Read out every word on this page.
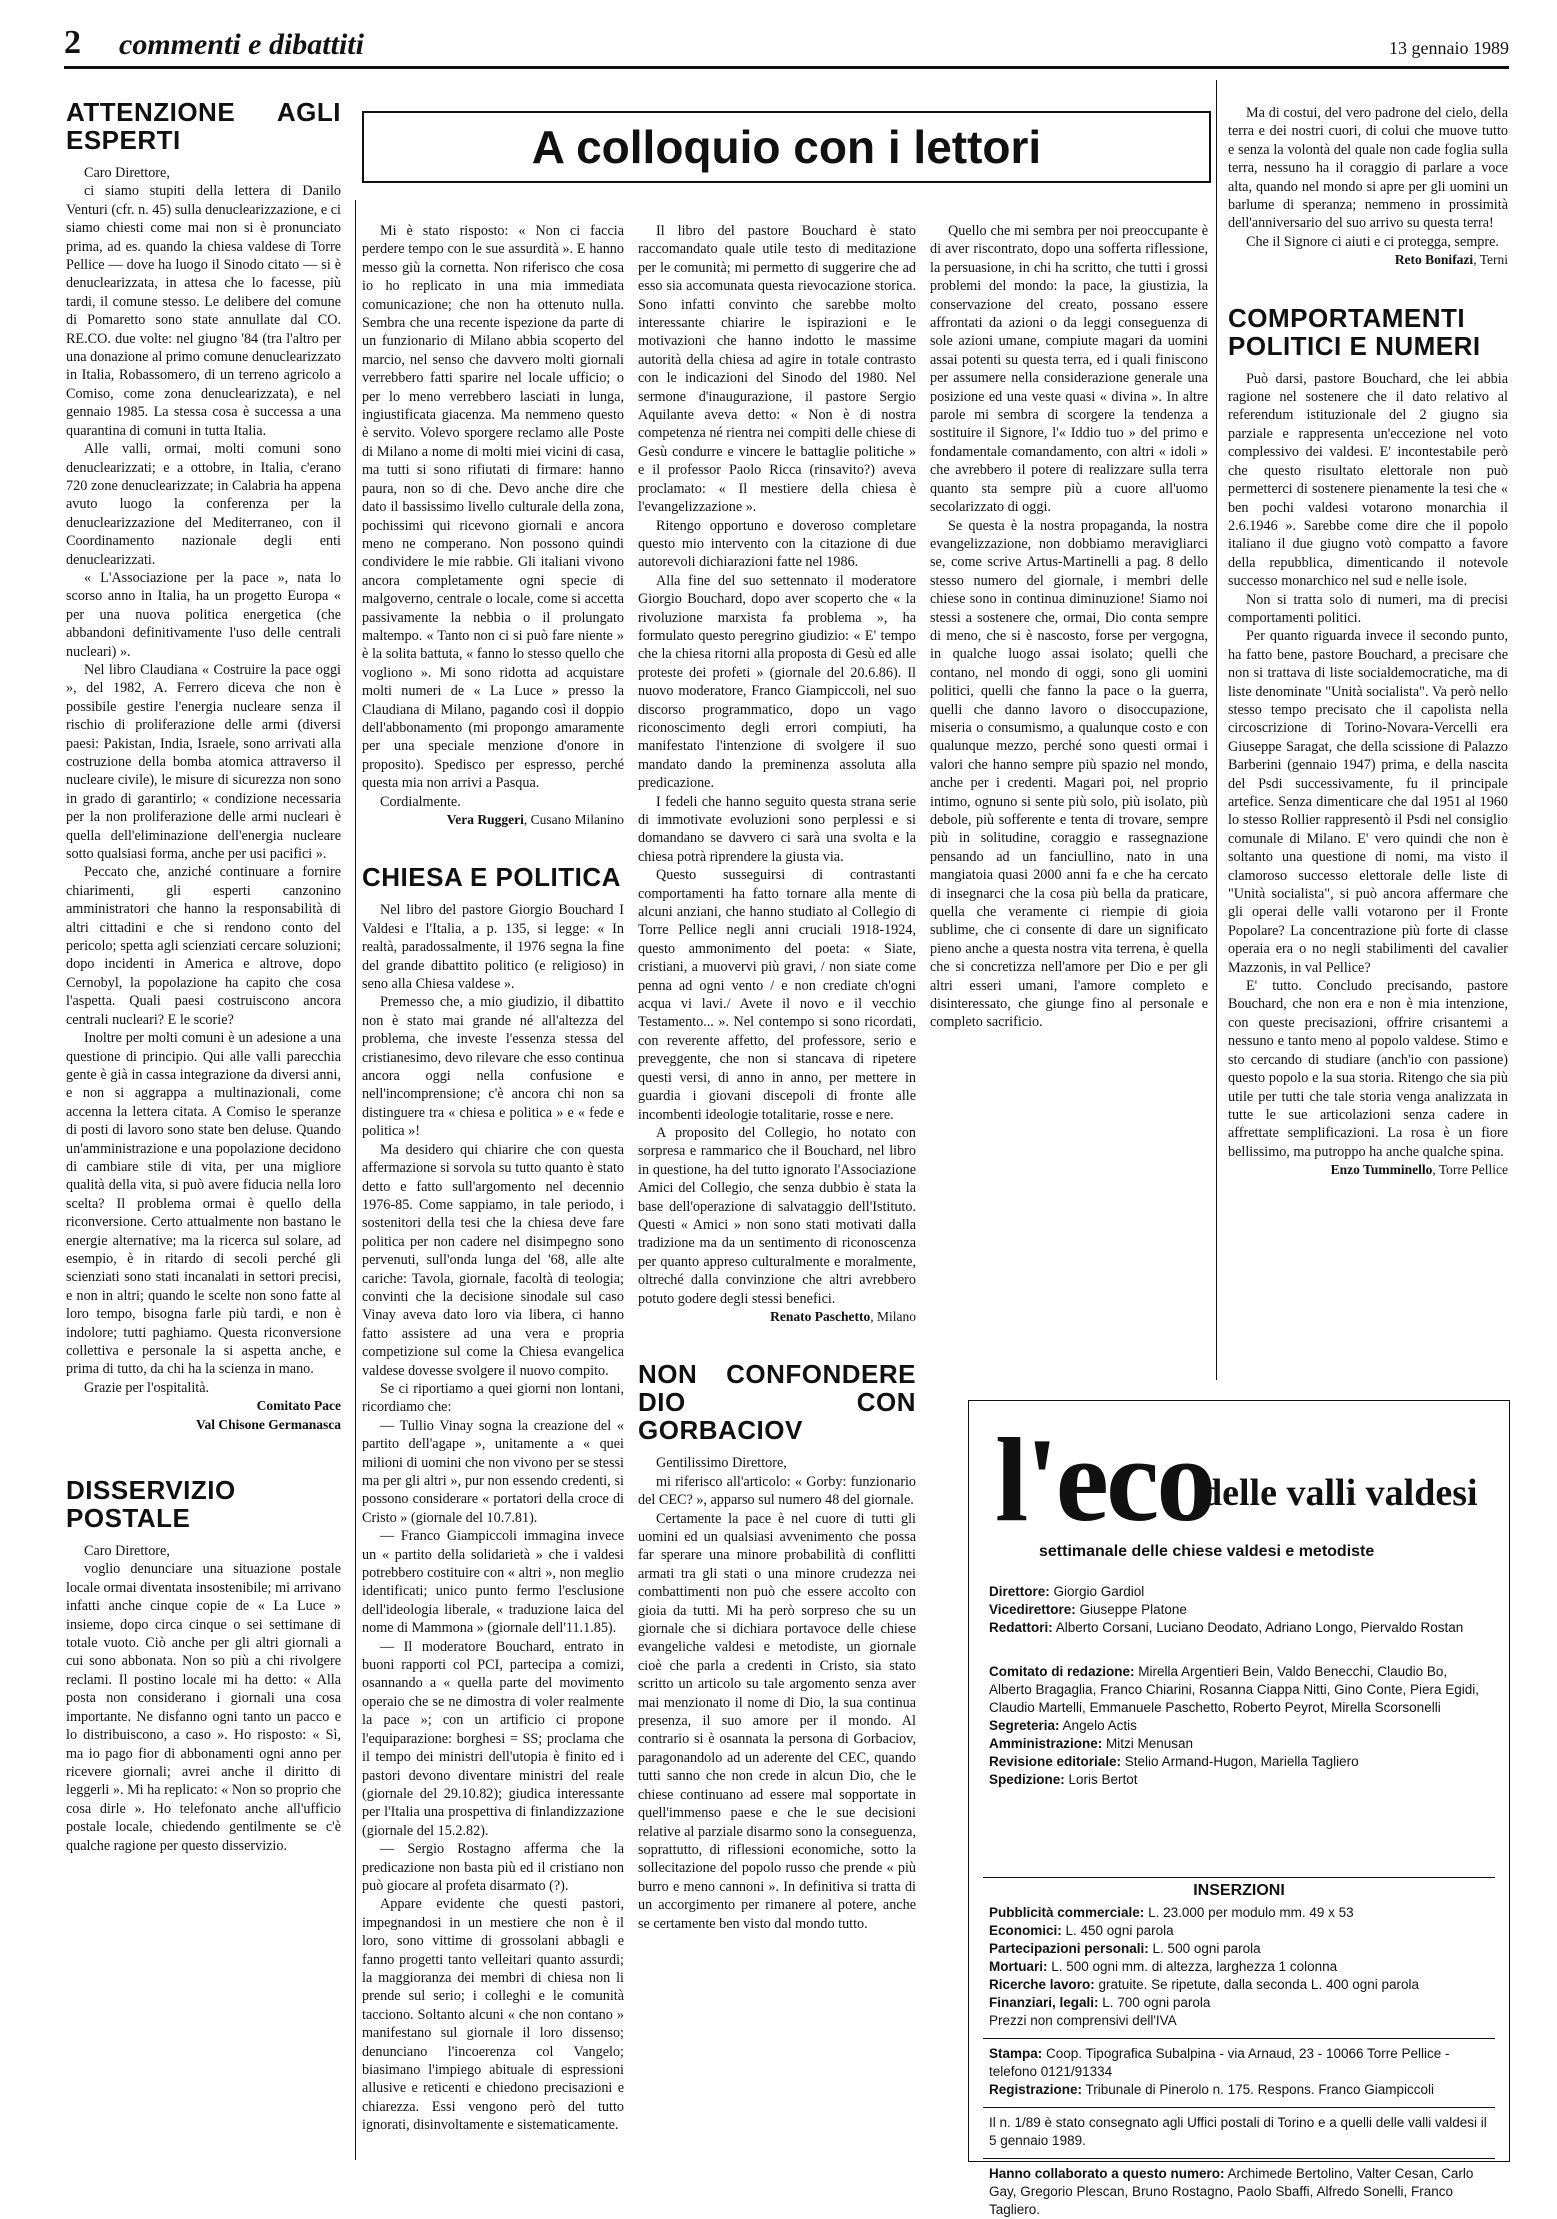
2 commenti e dibattiti	13 gennaio 1989
A colloquio con i lettori
ATTENZIONE AGLI ESPERTI

Caro Direttore,

ci siamo stupiti della lettera di Danilo Venturi (cfr. n. 45) sulla denuclearizzazione, e ci siamo chiesti come mai non si è pronunciato prima, ad es. quando la chiesa valdese di Torre Pellice — dove ha luogo il Sinodo citato — si è denuclearizzata, in attesa che lo facesse, più tardi, il comune stesso. Le delibere del comune di Pomaretto sono state annullate dal CO. RE.CO. due volte: nel giugno '84 (tra l'altro per una donazione al primo comune denuclearizzato in Italia, Robassomero, di un terreno agricolo a Comiso, come zona denuclearizzata), e nel gennaio 1985. La stessa cosa è successa a una quarantina di comuni in tutta Italia.

Alle valli, ormai, molti comuni sono denuclearizzati; e a ottobre, in Italia, c'erano 720 zone denuclearizzate; in Calabria ha appena avuto luogo la conferenza per la denuclearizzazione del Mediterraneo, con il Coordinamento nazionale degli enti denuclearizzati.

« L'Associazione per la pace », nata lo scorso anno in Italia, ha un progetto Europa « per una nuova politica energetica (che abbandoni definitivamente l'uso delle centrali nucleari) ».

Nel libro Claudiana « Costruire la pace oggi », del 1982, A. Ferrero diceva che non è possibile gestire l'energia nucleare senza il rischio di proliferazione delle armi (diversi paesi: Pakistan, India, Israele, sono arrivati alla costruzione della bomba atomica attraverso il nucleare civile), le misure di sicurezza non sono in grado di garantirlo; « condizione necessaria per la non proliferazione delle armi nucleari è quella dell'eliminazione dell'energia nucleare sotto qualsiasi forma, anche per usi pacifici ».

Peccato che, anziché continuare a fornire chiarimenti, gli esperti canzonino amministratori che hanno la responsabilità di altri cittadini e che si rendono conto del pericolo; spetta agli scienziati cercare soluzioni; dopo incidenti in America e altrove, dopo Cernobyl, la popolazione ha capito che cosa l'aspetta. Quali paesi costruiscono ancora centrali nucleari? E le scorie?

Inoltre per molti comuni è un adesione a una questione di principio. Qui alle valli parecchia gente è già in cassa integrazione da diversi anni, e non si aggrappa a multinazionali, come accenna la lettera citata. A Comiso le speranze di posti di lavoro sono state ben deluse. Quando un'amministrazione e una popolazione decidono di cambiare stile di vita, per una migliore qualità della vita, si può avere fiducia nella loro scelta? Il problema ormai è quello della riconversione. Certo attualmente non bastano le energie alternative; ma la ricerca sul solare, ad esempio, è in ritardo di secoli perché gli scienziati sono stati incanalati in settori precisi, e non in altri; quando le scelte non sono fatte al loro tempo, bisogna farle più tardi, e non è indolore; tutti paghiamo. Questa riconversione collettiva e personale la si aspetta anche, e prima di tutto, da chi ha la scienza in mano.

Grazie per l'ospitalità.

Comitato Pace

Val Chisone Germanasca

DISSERVIZIO POSTALE

Caro Direttore,

voglio denunciare una situazione postale locale ormai diventata insostenibile; mi arrivano infatti anche cinque copie de « La Luce » insieme, dopo circa cinque o sei settimane di totale vuoto. Ciò anche per gli altri giornali a cui sono abbonata. Non so più a chi rivolgere reclami. Il postino locale mi ha detto: « Alla posta non considerano i giornali una cosa importante. Ne disfanno ogni tanto un pacco e lo distribuiscono, a caso ». Ho risposto: « Sì, ma io pago fior di abbonamenti ogni anno per ricevere giornali; avrei anche il diritto di leggerli ». Mi ha replicato: « Non so proprio che cosa dirle ». Ho telefonato anche all'ufficio postale locale, chiedendo gentilmente se c'è qualche ragione per questo disservizio.

Mi è stato risposto: « Non ci faccia perdere tempo con le sue assurdità ». E hanno messo giù la cornetta. Non riferisco che cosa io ho replicato in una mia immediata comunicazione; che non ha ottenuto nulla. Sembra che una recente ispezione da parte di un funzionario di Milano abbia scoperto del marcio, nel senso che davvero molti giornali verrebbero fatti sparire nel locale ufficio; o per lo meno verrebbero lasciati in lunga, ingiustificata giacenza. Ma nemmeno questo è servito. Volevo sporgere reclamo alle Poste di Milano a nome di molti miei vicini di casa, ma tutti si sono rifiutati di firmare: hanno paura, non so di che. Devo anche dire che dato il bassissimo livello culturale della zona, pochissimi qui ricevono giornali e ancora meno ne comperano. Non possono quindi condividere le mie rabbie. Gli italiani vivono ancora completamente ogni specie di malgoverno, centrale o locale, come si accetta passivamente la nebbia o il prolungato maltempo. « Tanto non ci si può fare niente » è la solita battuta, « fanno lo stesso quello che vogliono ». Mi sono ridotta ad acquistare molti numeri de « La Luce » presso la Claudiana di Milano, pagando così il doppio dell'abbonamento (mi propongo amaramente per una speciale menzione d'onore in proposito). Spedisco per espresso, perché questa mia non arrivi a Pasqua.

Cordialmente.

Vera Ruggeri, Cusano Milanino

CHIESA E POLITICA

Nel libro del pastore Giorgio Bouchard I Valdesi e l'Italia, a p. 135, si legge: « In realtà, paradossalmente, il 1976 segna la fine del grande dibattito politico (e religioso) in seno alla Chiesa valdese ».

Premesso che, a mio giudizio, il dibattito non è stato mai grande né all'altezza del problema, che investe l'essenza stessa del cristianesimo, devo rilevare che esso continua ancora oggi nella confusione e nell'incomprensione; c'è ancora chi non sa distinguere tra « chiesa e politica » e « fede e politica »!

Ma desidero qui chiarire che con questa affermazione si sorvola su tutto quanto è stato detto e fatto sull'argomento nel decennio 1976-85. Come sappiamo, in tale periodo, i sostenitori della tesi che la chiesa deve fare politica per non cadere nel disimpegno sono pervenuti, sull'onda lunga del '68, alle alte cariche: Tavola, giornale, facoltà di teologia; convinti che la decisione sinodale sul caso Vinay aveva dato loro via libera, ci hanno fatto assistere ad una vera e propria competizione sul come la Chiesa evangelica valdese dovesse svolgere il nuovo compito.

Se ci riportiamo a quei giorni non lontani, ricordiamo che:

— Tullio Vinay sogna la creazione del « partito dell'agape », unitamente a « quei milioni di uomini che non vivono per se stessi ma per gli altri », pur non essendo credenti, si possono considerare « portatori della croce di Cristo » (giornale del 10.7.81).

— Franco Giampiccoli immagina invece un « partito della solidarietà » che i valdesi potrebbero costituire con « altri », non meglio identificati; unico punto fermo l'esclusione dell'ideologia liberale, « traduzione laica del nome di Mammona » (giornale dell'11.1.85).

— Il moderatore Bouchard, entrato in buoni rapporti col PCI, partecipa a comizi, osannando a « quella parte del movimento operaio che se ne dimostra di voler realmente la pace »; con un artificio ci propone l'equiparazione: borghesi = SS; proclama che il tempo dei ministri dell'utopia è finito ed i pastori devono diventare ministri del reale (giornale del 29.10.82); giudica interessante per l'Italia una prospettiva di finlandizzazione (giornale del 15.2.82).

— Sergio Rostagno afferma che la predicazione non basta più ed il cristiano non può giocare al profeta disarmato (?).

Appare evidente che questi pastori, impegnandosi in un mestiere che non è il loro, sono vittime di grossolani abbagli e fanno progetti tanto velleitari quanto assurdi; la maggioranza dei membri di chiesa non li prende sul serio; i colleghi e le comunità tacciono. Soltanto alcuni « che non contano » manifestano sul giornale il loro dissenso; denunciano l'incoerenza col Vangelo; biasimano l'impiego abituale di espressioni allusive e reticenti e chiedono precisazioni e chiarezza. Essi vengono però del tutto ignorati, disinvoltamente e sistematicamente.

Il libro del pastore Bouchard è stato raccomandato quale utile testo di meditazione per le comunità; mi permetto di suggerire che ad esso sia accomunata questa rievocazione storica. Sono infatti convinto che sarebbe molto interessante chiarire le ispirazioni e le motivazioni che hanno indotto le massime autorità della chiesa ad agire in totale contrasto con le indicazioni del Sinodo del 1980. Nel sermone d'inaugurazione, il pastore Sergio Aquilante aveva detto: « Non è di nostra competenza né rientra nei compiti delle chiese di Gesù condurre e vincere le battaglie politiche » e il professor Paolo Ricca (rinsavito?) aveva proclamato: « Il mestiere della chiesa è l'evangelizzazione ».

Ritengo opportuno e doveroso completare questo mio intervento con la citazione di due autorevoli dichiarazioni fatte nel 1986.

Alla fine del suo settennato il moderatore Giorgio Bouchard, dopo aver scoperto che « la rivoluzione marxista fa problema », ha formulato questo peregrino giudizio: « E' tempo che la chiesa ritorni alla proposta di Gesù ed alle proteste dei profeti » (giornale del 20.6.86). Il nuovo moderatore, Franco Giampiccoli, nel suo discorso programmatico, dopo un vago riconoscimento degli errori compiuti, ha manifestato l'intenzione di svolgere il suo mandato dando la preminenza assoluta alla predicazione.

I fedeli che hanno seguito questa strana serie di immotivate evoluzioni sono perplessi e si domandano se davvero ci sarà una svolta e la chiesa potrà riprendere la giusta via.

Questo susseguirsi di contrastanti comportamenti ha fatto tornare alla mente di alcuni anziani, che hanno studiato al Collegio di Torre Pellice negli anni cruciali 1918-1924, questo ammonimento del poeta: « Siate, cristiani, a muovervi più gravi, / non siate come penna ad ogni vento / e non crediate ch'ogni acqua vi lavi./ Avete il novo e il vecchio Testamento... ». Nel contempo si sono ricordati, con reverente affetto, del professore, serio e preveggente, che non si stancava di ripetere questi versi, di anno in anno, per mettere in guardia i giovani discepoli di fronte alle incombenti ideologie totalitarie, rosse e nere.

A proposito del Collegio, ho notato con sorpresa e rammarico che il Bouchard, nel libro in questione, ha del tutto ignorato l'Associazione Amici del Collegio, che senza dubbio è stata la base dell'operazione di salvataggio dell'Istituto. Questi « Amici » non sono stati motivati dalla tradizione ma da un sentimento di riconoscenza per quanto appreso culturalmente e moralmente, oltreché dalla convinzione che altri avrebbero potuto godere degli stessi benefici.

Renato Paschetto, Milano

NON CONFONDERE DIO CON GORBACIOV

Gentilissimo Direttore,

mi riferisco all'articolo: « Gorby: funzionario del CEC? », apparso sul numero 48 del giornale.

Certamente la pace è nel cuore di tutti gli uomini ed un qualsiasi avvenimento che possa far sperare una minore probabilità di conflitti armati tra gli stati o una minore crudezza nei combattimenti non può che essere accolto con gioia da tutti. Mi ha però sorpreso che su un giornale che si dichiara portavoce delle chiese evangeliche valdesi e metodiste, un giornale cioè che parla a credenti in Cristo, sia stato scritto un articolo su tale argomento senza aver mai menzionato il nome di Dio, la sua continua presenza, il suo amore per il mondo. Al contrario si è osannata la persona di Gorbaciov, paragonandolo ad un aderente del CEC, quando tutti sanno che non crede in alcun Dio, che le chiese continuano ad essere mal sopportate in quell'immenso paese e che le sue decisioni relative al parziale disarmo sono la conseguenza, soprattutto, di riflessioni economiche, sotto la sollecitazione del popolo russo che prende « più burro e meno cannoni ». In definitiva si tratta di un accorgimento per rimanere al potere, anche se certamente ben visto dal mondo tutto.

Quello che mi sembra per noi preoccupante è di aver riscontrato, dopo una sofferta riflessione, la persuasione, in chi ha scritto, che tutti i grossi problemi del mondo: la pace, la giustizia, la conservazione del creato, possano essere affrontati da azioni o da leggi conseguenza di sole azioni umane, compiute magari da uomini assai potenti su questa terra, ed i quali finiscono per assumere nella considerazione generale una posizione ed una veste quasi « divina ». In altre parole mi sembra di scorgere la tendenza a sostituire il Signore, l'« Iddio tuo » del primo e fondamentale comandamento, con altri « idoli » che avrebbero il potere di realizzare sulla terra quanto sta sempre più a cuore all'uomo secolarizzato di oggi.

Se questa è la nostra propaganda, la nostra evangelizzazione, non dobbiamo meravigliarci se, come scrive Artus-Martinelli a pag. 8 dello stesso numero del giornale, i membri delle chiese sono in continua diminuzione! Siamo noi stessi a sostenere che, ormai, Dio conta sempre di meno, che si è nascosto, forse per vergogna, in qualche luogo assai isolato; quelli che contano, nel mondo di oggi, sono gli uomini politici, quelli che fanno la pace o la guerra, quelli che danno lavoro o disoccupazione, miseria o consumismo, a qualunque costo e con qualunque mezzo, perché sono questi ormai i valori che hanno sempre più spazio nel mondo, anche per i credenti. Magari poi, nel proprio intimo, ognuno si sente più solo, più isolato, più debole, più sofferente e tenta di trovare, sempre più in solitudine, coraggio e rassegnazione pensando ad un fanciullino, nato in una mangiatoia quasi 2000 anni fa e che ha cercato di insegnarci che la cosa più bella da praticare, quella che veramente ci riempie di gioia sublime, che ci consente di dare un significato pieno anche a questa nostra vita terrena, è quella che si concretizza nell'amore per Dio e per gli altri esseri umani, l'amore completo e disinteressato, che giunge fino al personale e completo sacrificio.

Ma di costui, del vero padrone del cielo, della terra e dei nostri cuori, di colui che muove tutto e senza la volontà del quale non cade foglia sulla terra, nessuno ha il coraggio di parlare a voce alta, quando nel mondo si apre per gli uomini un barlume di speranza; nemmeno in prossimità dell'anniversario del suo arrivo su questa terra!

Che il Signore ci aiuti e ci protegga, sempre.

Reto Bonifazi, Terni

COMPORTAMENTI POLITICI E NUMERI

Può darsi, pastore Bouchard, che lei abbia ragione nel sostenere che il dato relativo al referendum istituzionale del 2 giugno sia parziale e rappresenta un'eccezione nel voto complessivo dei valdesi. E' incontestabile però che questo risultato elettorale non può permetterci di sostenere pienamente la tesi che « ben pochi valdesi votarono monarchia il 2.6.1946 ». Sarebbe come dire che il popolo italiano il due giugno votò compatto a favore della repubblica, dimenticando il notevole successo monarchico nel sud e nelle isole.

Non si tratta solo di numeri, ma di precisi comportamenti politici.

Per quanto riguarda invece il secondo punto, ha fatto bene, pastore Bouchard, a precisare che non si trattava di liste socialdemocratiche, ma di liste denominate "Unità socialista". Va però nello stesso tempo precisato che il capolista nella circoscrizione di Torino-Novara-Vercelli era Giuseppe Saragat, che della scissione di Palazzo Barberini (gennaio 1947) prima, e della nascita del Psdi successivamente, fu il principale artefice. Senza dimenticare che dal 1951 al 1960 lo stesso Rollier rappresentò il Psdi nel consiglio comunale di Milano. E' vero quindi che non è soltanto una questione di nomi, ma visto il clamoroso successo elettorale delle liste di "Unità socialista", si può ancora affermare che gli operai delle valli votarono per il Fronte Popolare? La concentrazione più forte di classe operaia era o no negli stabilimenti del cavalier Mazzonis, in val Pellice?

E' tutto. Concludo precisando, pastore Bouchard, che non era e non è mia intenzione, con queste precisazioni, offrire crisantemi a nessuno e tanto meno al popolo valdese. Stimo e sto cercando di studiare (anch'io con passione) questo popolo e la sua storia. Ritengo che sia più utile per tutti che tale storia venga analizzata in tutte le sue articolazioni senza cadere in affrettate semplificazioni. La rosa è un fiore bellissimo, ma putroppo ha anche qualche spina.

Enzo Tumminello, Torre Pellice

l'eco
delle valli valdesi
settimanale delle chiese valdesi e metodiste
Direttore: Giorgio Gardiol
Vicedirettore: Giuseppe Platone
Redattori: Alberto Corsani, Luciano Deodato, Adriano Longo, Piervaldo Rostan
Comitato di redazione: Mirella Argentieri Bein, Valdo Benecchi, Claudio Bo, Alberto Bragaglia, Franco Chiarini, Rosanna Ciappa Nitti, Gino Conte, Piera Egidi, Claudio Martelli, Emmanuele Paschetto, Roberto Peyrot, Mirella Scorsonelli
Segreteria: Angelo Actis
Amministrazione: Mitzi Menusan
Revisione editoriale: Stelio Armand-Hugon, Mariella Tagliero
Spedizione: Loris Bertot
INSERZIONI
Pubblicità commerciale: L. 23.000 per modulo mm. 49 x 53
Economici: L. 450 ogni parola
Partecipazioni personali: L. 500 ogni parola
Mortuari: L. 500 ogni mm. di altezza, larghezza 1 colonna
Ricerche lavoro: gratuite. Se ripetute, dalla seconda L. 400 ogni parola
Finanziari, legali: L. 700 ogni parola
Prezzi non comprensivi dell'IVA
Stampa: Coop. Tipografica Subalpina - via Arnaud, 23 - 10066 Torre Pellice - telefono 0121/91334
Registrazione: Tribunale di Pinerolo n. 175. Respons. Franco Giampiccoli
Il n. 1/89 è stato consegnato agli Uffici postali di Torino e a quelli delle valli valdesi il 5 gennaio 1989.
Hanno collaborato a questo numero: Archimede Bertolino, Valter Cesan, Carlo Gay, Gregorio Plescan, Bruno Rostagno, Paolo Sbaffi, Alfredo Sonelli, Franco Tagliero.
